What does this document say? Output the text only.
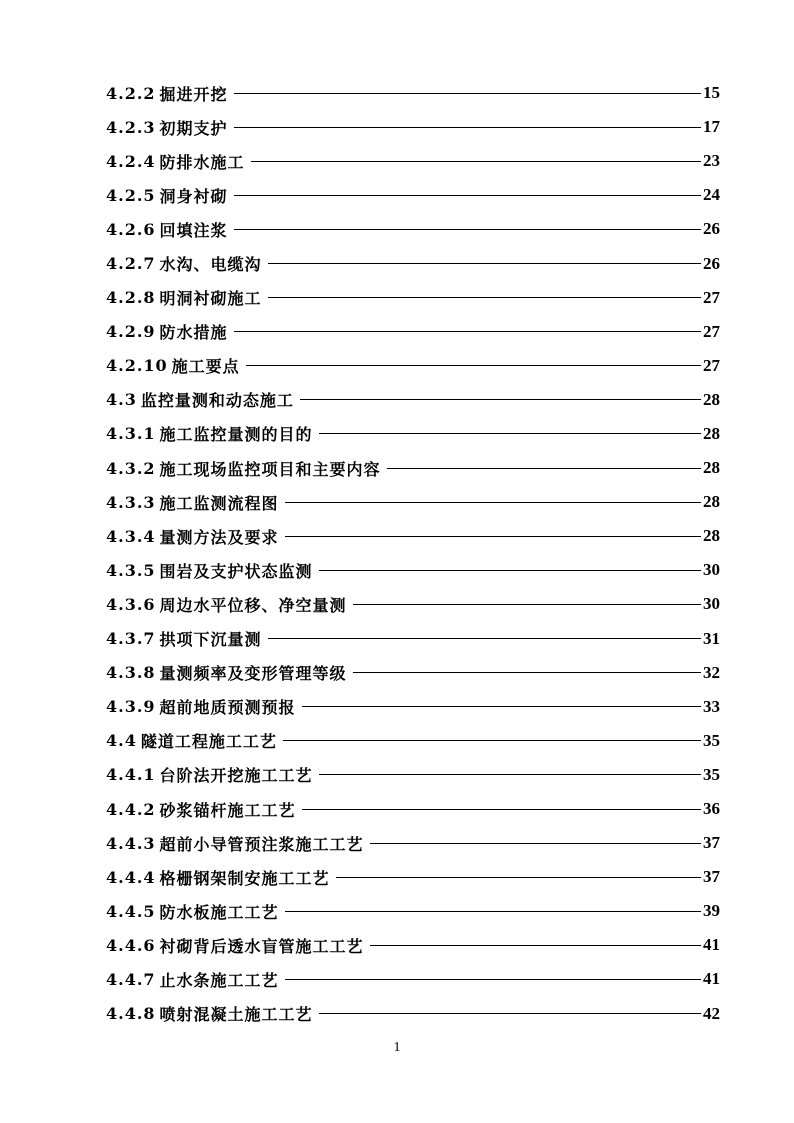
4.2.2 掘进开挖	15
4.2.3 初期支护	17
4.2.4 防排水施工	23
4.2.5 洞身衬砌	24
4.2.6 回填注浆	26
4.2.7 水沟、电缆沟	26
4.2.8 明洞衬砌施工	27
4.2.9 防水措施	27
4.2.10 施工要点	27
4.3 监控量测和动态施工	28
4.3.1 施工监控量测的目的	28
4.3.2 施工现场监控项目和主要内容	28
4.3.3 施工监测流程图	28
4.3.4 量测方法及要求	28
4.3.5 围岩及支护状态监测	30
4.3.6 周边水平位移、净空量测	30
4.3.7 拱项下沉量测	31
4.3.8 量测频率及变形管理等级	32
4.3.9 超前地质预测预报	33
4.4 隧道工程施工工艺	35
4.4.1 台阶法开挖施工工艺	35
4.4.2 砂浆锚杆施工工艺	36
4.4.3 超前小导管预注浆施工工艺	37
4.4.4 格栅钢架制安施工工艺	37
4.4.5 防水板施工工艺	39
4.4.6 衬砌背后透水盲管施工工艺	41
4.4.7 止水条施工工艺	41
4.4.8 喷射混凝土施工工艺	42
1
